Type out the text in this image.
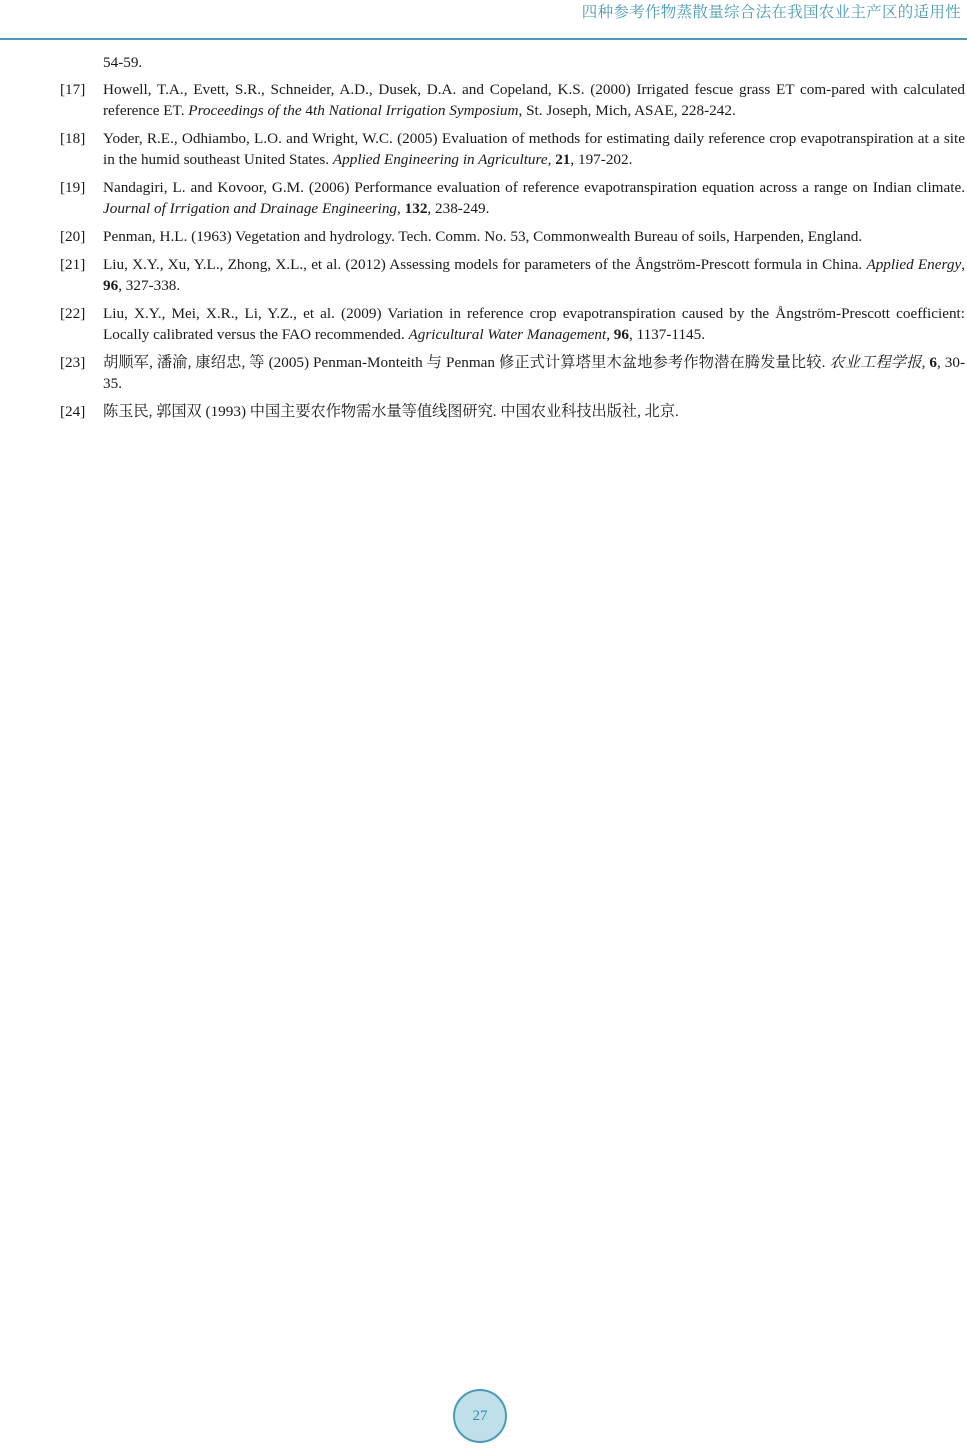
四种参考作物蒸散量综合法在我国农业主产区的适用性
54-59.
[17] Howell, T.A., Evett, S.R., Schneider, A.D., Dusek, D.A. and Copeland, K.S. (2000) Irrigated fescue grass ET com-pared with calculated reference ET. Proceedings of the 4th National Irrigation Symposium, St. Joseph, Mich, ASAE, 228-242.
[18] Yoder, R.E., Odhiambo, L.O. and Wright, W.C. (2005) Evaluation of methods for estimating daily reference crop evapotranspiration at a site in the humid southeast United States. Applied Engineering in Agriculture, 21, 197-202.
[19] Nandagiri, L. and Kovoor, G.M. (2006) Performance evaluation of reference evapotranspiration equation across a range on Indian climate. Journal of Irrigation and Drainage Engineering, 132, 238-249.
[20] Penman, H.L. (1963) Vegetation and hydrology. Tech. Comm. No. 53, Commonwealth Bureau of soils, Harpenden, England.
[21] Liu, X.Y., Xu, Y.L., Zhong, X.L., et al. (2012) Assessing models for parameters of the Ångström-Prescott formula in China. Applied Energy, 96, 327-338.
[22] Liu, X.Y., Mei, X.R., Li, Y.Z., et al. (2009) Variation in reference crop evapotranspiration caused by the Ångström-Prescott coefficient: Locally calibrated versus the FAO recommended. Agricultural Water Management, 96, 1137-1145.
[23] 胡顺军, 潘渝, 康绍忠, 等 (2005) Penman-Monteith 与 Penman 修正式计算塔里木盆地参考作物潜在腾发量比较. 农业工程学报, 6, 30-35.
[24] 陈玉民, 郭国双 (1993) 中国主要农作物需水量等值线图研究. 中国农业科技出版社, 北京.
27
